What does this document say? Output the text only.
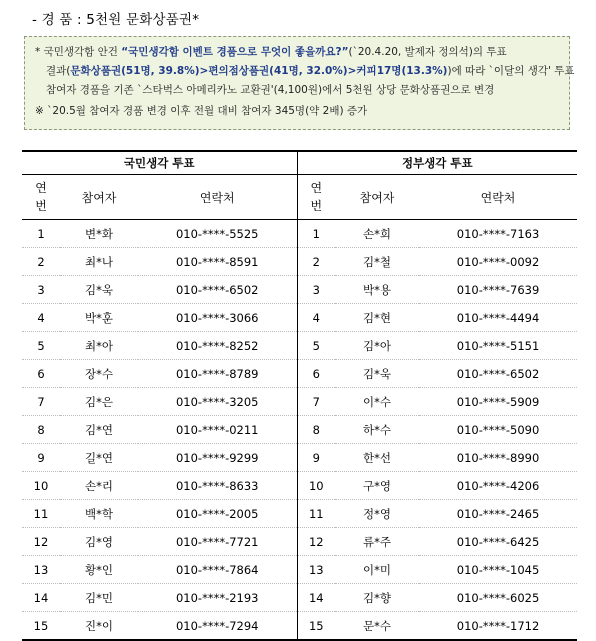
- 경 품 : 5천원 문화상품권*
* 국민생각함 안건 “국민생각함 이벤트 경품으로 무엇이 좋을까요?”(`20.4.20, 발제자 정의석)의 투표
결과(문화상품권(51명, 39.8%)>편의점상품권(41명, 32.0%)>커피17명(13.3%))에 따라 `이달의 생각' 투표
참여자 경품을 기존 `스타벅스 아메리카노 교환권'(4,100원)에서 5천원 상당 문화상품권으로 변경
※ `20.5월 참여자 경품 변경 이후 전월 대비 참여자 345명(약 2배) 증가
국민생각 투표			정부생각 투표		
연
번	참여자	연락처	연
번	참여자	연락처
1	변*화	010-****-5525	1	손*희	010-****-7163
2	최*나	010-****-8591	2	김*철	010-****-0092
3	김*욱	010-****-6502	3	박*용	010-****-7639
4	박*훈	010-****-3066	4	김*현	010-****-4494
5	최*아	010-****-8252	5	김*아	010-****-5151
6	장*수	010-****-8789	6	김*욱	010-****-6502
7	김*은	010-****-3205	7	이*수	010-****-5909
8	김*연	010-****-0211	8	하*수	010-****-5090
9	길*연	010-****-9299	9	한*선	010-****-8990
10	손*리	010-****-8633	10	구*영	010-****-4206
11	백*학	010-****-2005	11	정*영	010-****-2465
12	김*영	010-****-7721	12	류*주	010-****-6425
13	황*인	010-****-7864	13	이*미	010-****-1045
14	김*민	010-****-2193	14	김*향	010-****-6025
15	진*이	010-****-7294	15	문*수	010-****-1712
